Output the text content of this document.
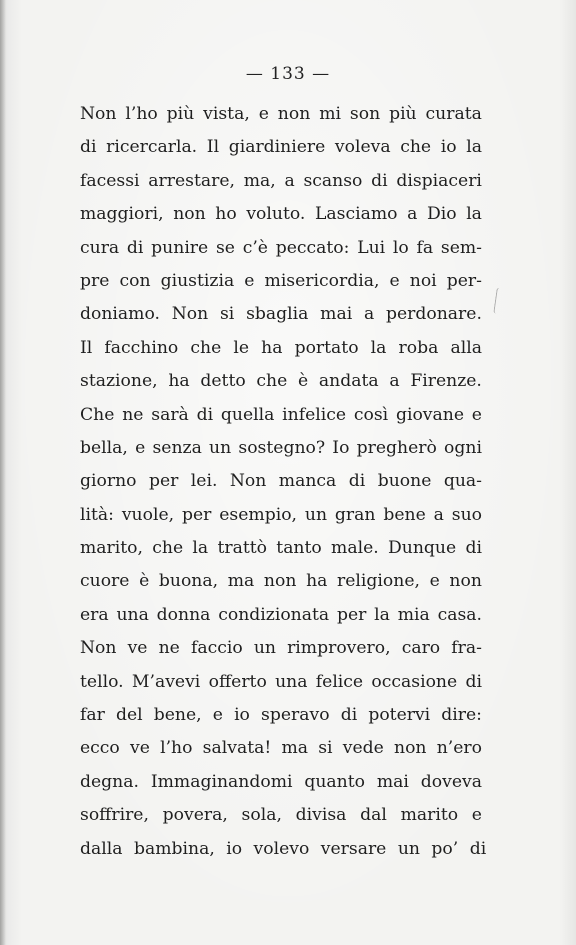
— 133 —
Non l’ho più vista, e non mi son più curata
di ricercarla. Il giardiniere voleva che io la
facessi arrestare, ma, a scanso di dispiaceri
maggiori, non ho voluto. Lasciamo a Dio la
cura di punire se c’è peccato: Lui lo fa sem-
pre con giustizia e misericordia, e noi per-
doniamo. Non si sbaglia mai a perdonare.
Il facchino che le ha portato la roba alla
stazione, ha detto che è andata a Firenze.
Che ne sarà di quella infelice così giovane e
bella, e senza un sostegno? Io pregherò ogni
giorno per lei. Non manca di buone qua-
lità: vuole, per esempio, un gran bene a suo
marito, che la trattò tanto male. Dunque di
cuore è buona, ma non ha religione, e non
era una donna condizionata per la mia casa.
Non ve ne faccio un rimprovero, caro fra-
tello. M’avevi offerto una felice occasione di
far del bene, e io speravo di potervi dire:
ecco ve l’ho salvata! ma si vede non n’ero
degna. Immaginandomi quanto mai doveva
soffrire, povera, sola, divisa dal marito e
dalla bambina, io volevo versare un po’ di
